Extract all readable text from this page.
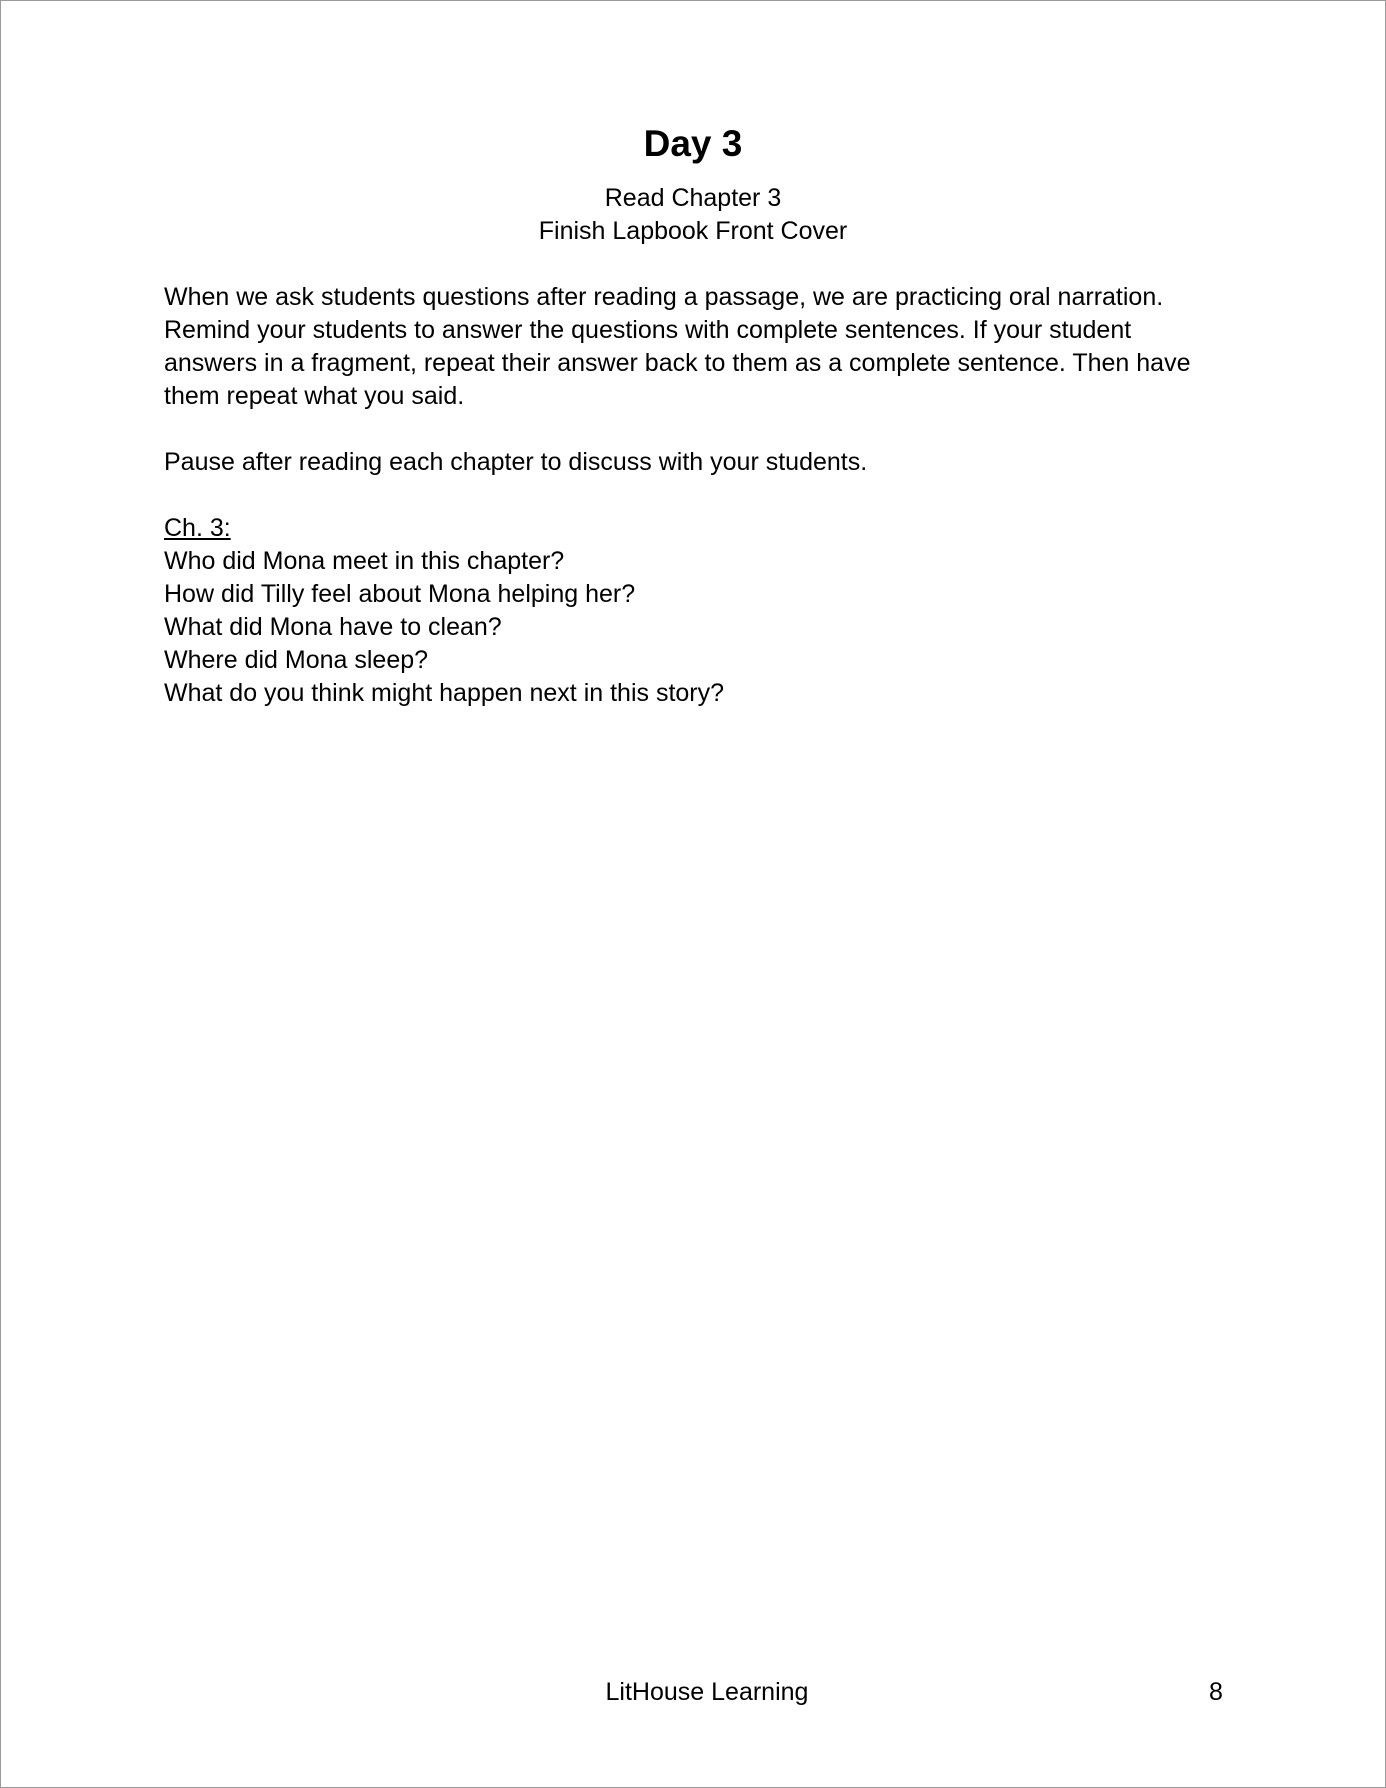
Day 3
Read Chapter 3
Finish Lapbook Front Cover

When we ask students questions after reading a passage, we are practicing oral narration. Remind your students to answer the questions with complete sentences. If your student answers in a fragment, repeat their answer back to them as a complete sentence. Then have them repeat what you said.

Pause after reading each chapter to discuss with your students.

Ch. 3:

Who did Mona meet in this chapter?

How did Tilly feel about Mona helping her?

What did Mona have to clean?

Where did Mona sleep?

What do you think might happen next in this story?

LitHouse Learning	8
